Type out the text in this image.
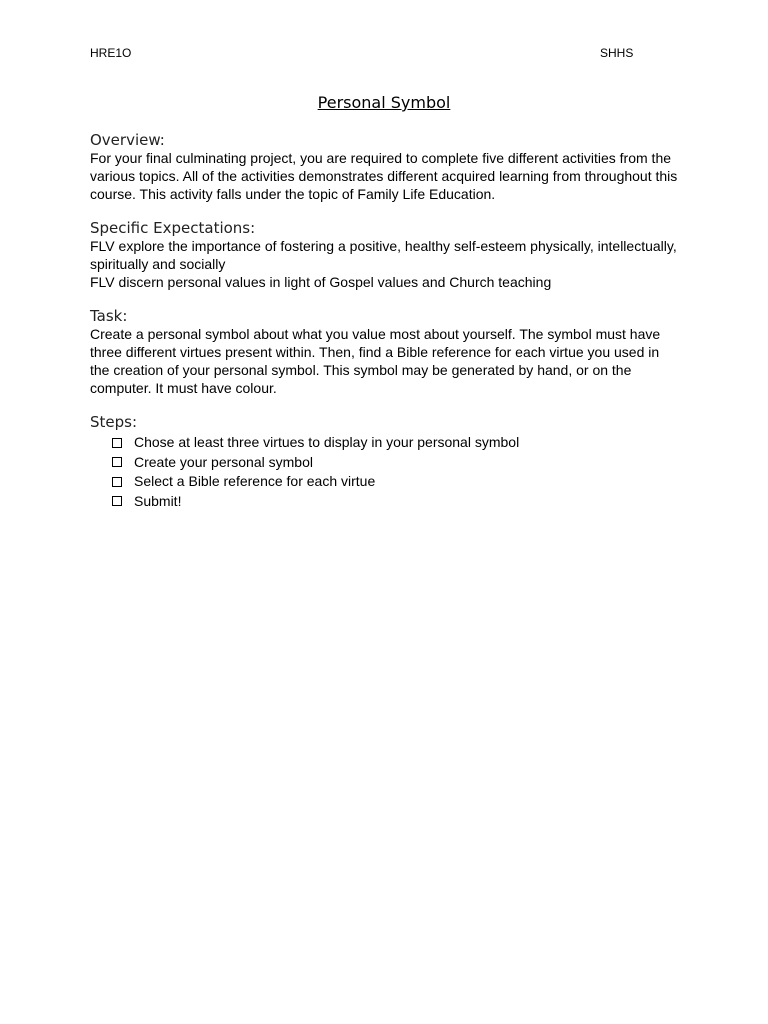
HRE1O	SHHS
Personal Symbol
Overview:

For your final culminating project, you are required to complete five different activities from the various topics. All of the activities demonstrates different acquired learning from throughout this course. This activity falls under the topic of Family Life Education.

Specific Expectations:

FLV explore the importance of fostering a positive, healthy self-esteem physically, intellectually, spiritually and socially

FLV discern personal values in light of Gospel values and Church teaching

Task:

Create a personal symbol about what you value most about yourself. The symbol must have three different virtues present within. Then, find a Bible reference for each virtue you used in the creation of your personal symbol. This symbol may be generated by hand, or on the computer. It must have colour.

Steps:
Chose at least three virtues to display in your personal symbol
Create your personal symbol
Select a Bible reference for each virtue
Submit!
